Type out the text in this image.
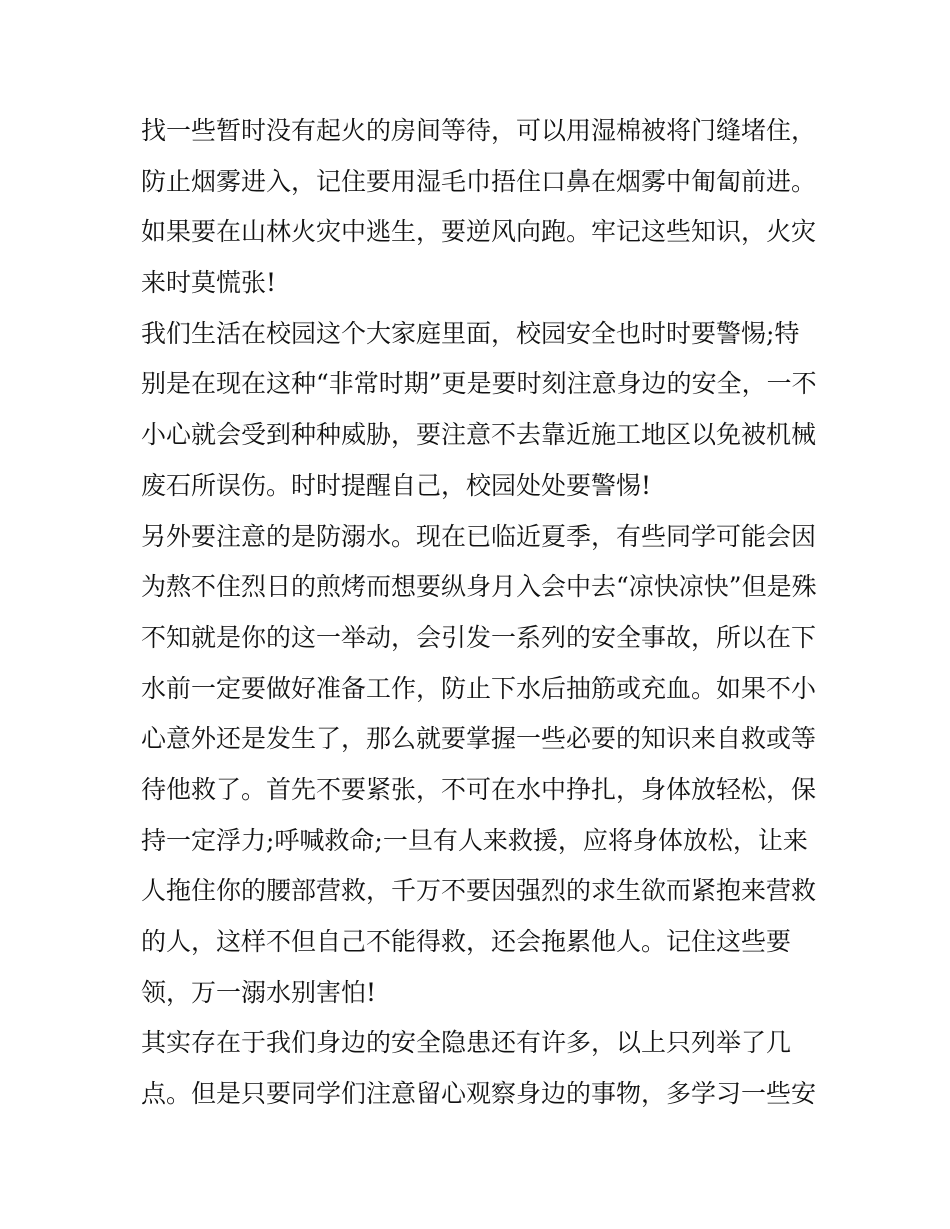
找一些暂时没有起火的房间等待，可以用湿棉被将门缝堵住，
防止烟雾进入，记住要用湿毛巾捂住口鼻在烟雾中匍匐前进。
如果要在山林火灾中逃生，要逆风向跑。牢记这些知识，火灾
来时莫慌张!
我们生活在校园这个大家庭里面，校园安全也时时要警惕;特
别是在现在这种“非常时期”更是要时刻注意身边的安全，一不
小心就会受到种种威胁，要注意不去靠近施工地区以免被机械
废石所误伤。时时提醒自己，校园处处要警惕!
另外要注意的是防溺水。现在已临近夏季，有些同学可能会因
为熬不住烈日的煎烤而想要纵身月入会中去“凉快凉快”但是殊
不知就是你的这一举动，会引发一系列的安全事故，所以在下
水前一定要做好准备工作，防止下水后抽筋或充血。如果不小
心意外还是发生了，那么就要掌握一些必要的知识来自救或等
待他救了。首先不要紧张，不可在水中挣扎，身体放轻松，保
持一定浮力;呼喊救命;一旦有人来救援，应将身体放松，让来
人拖住你的腰部营救，千万不要因强烈的求生欲而紧抱来营救
的人，这样不但自己不能得救，还会拖累他人。记住这些要
领，万一溺水别害怕!
其实存在于我们身边的安全隐患还有许多，以上只列举了几
点。但是只要同学们注意留心观察身边的事物，多学习一些安
